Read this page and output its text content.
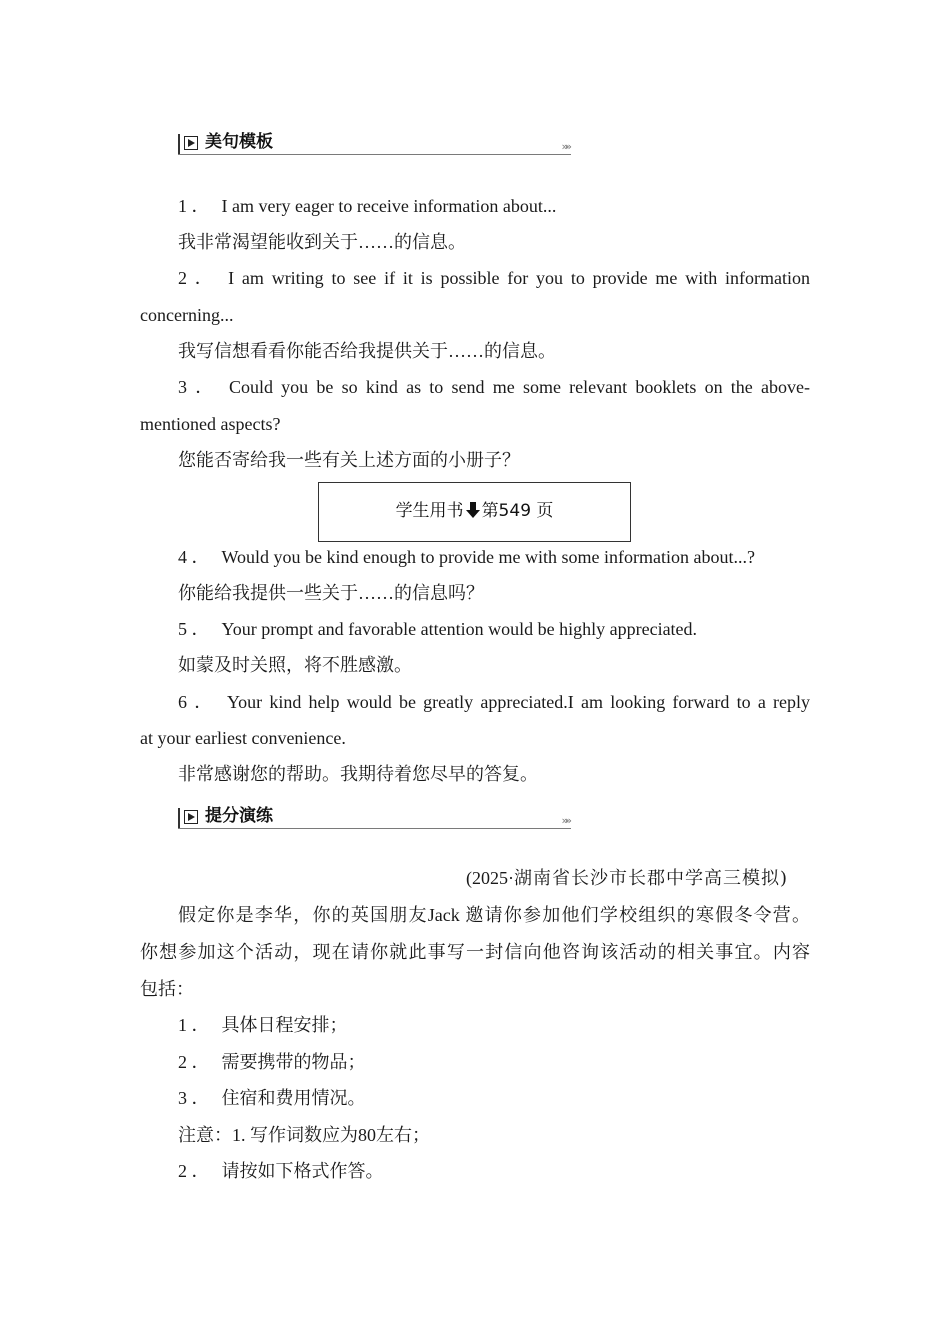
美句模板	»»
1 ． I am very eager to receive information about...
我非常渴望能收到关于……的信息。
2 ． I am writing to see if it is possible for you to provide me with information
concerning...
我写信想看看你能否给我提供关于……的信息。
3 ． Could you be so kind as to send me some relevant booklets on the above-
mentioned aspects?
您能否寄给我一些有关上述方面的小册子？
学生用书 第549 页
4 ． Would you be kind enough to provide me with some information about...?
你能给我提供一些关于……的信息吗？
5 ． Your prompt and favorable attention would be highly appreciated.
如蒙及时关照，将不胜感激。
6 ． Your kind help would be greatly appreciated.I am looking forward to a reply
at your earliest convenience.
非常感谢您的帮助。我期待着您尽早的答复。
提分演练	»»
(2025·湖南省长沙市长郡中学高三模拟)
假定你是李华，你的英国朋友Jack 邀请你参加他们学校组织的寒假冬令营。
你想参加这个活动，现在请你就此事写一封信向他咨询该活动的相关事宜。内容
包括：
1 ． 具体日程安排；
2 ． 需要携带的物品；
3 ． 住宿和费用情况。
注意：1. 写作词数应为80左右；
2 ． 请按如下格式作答。
